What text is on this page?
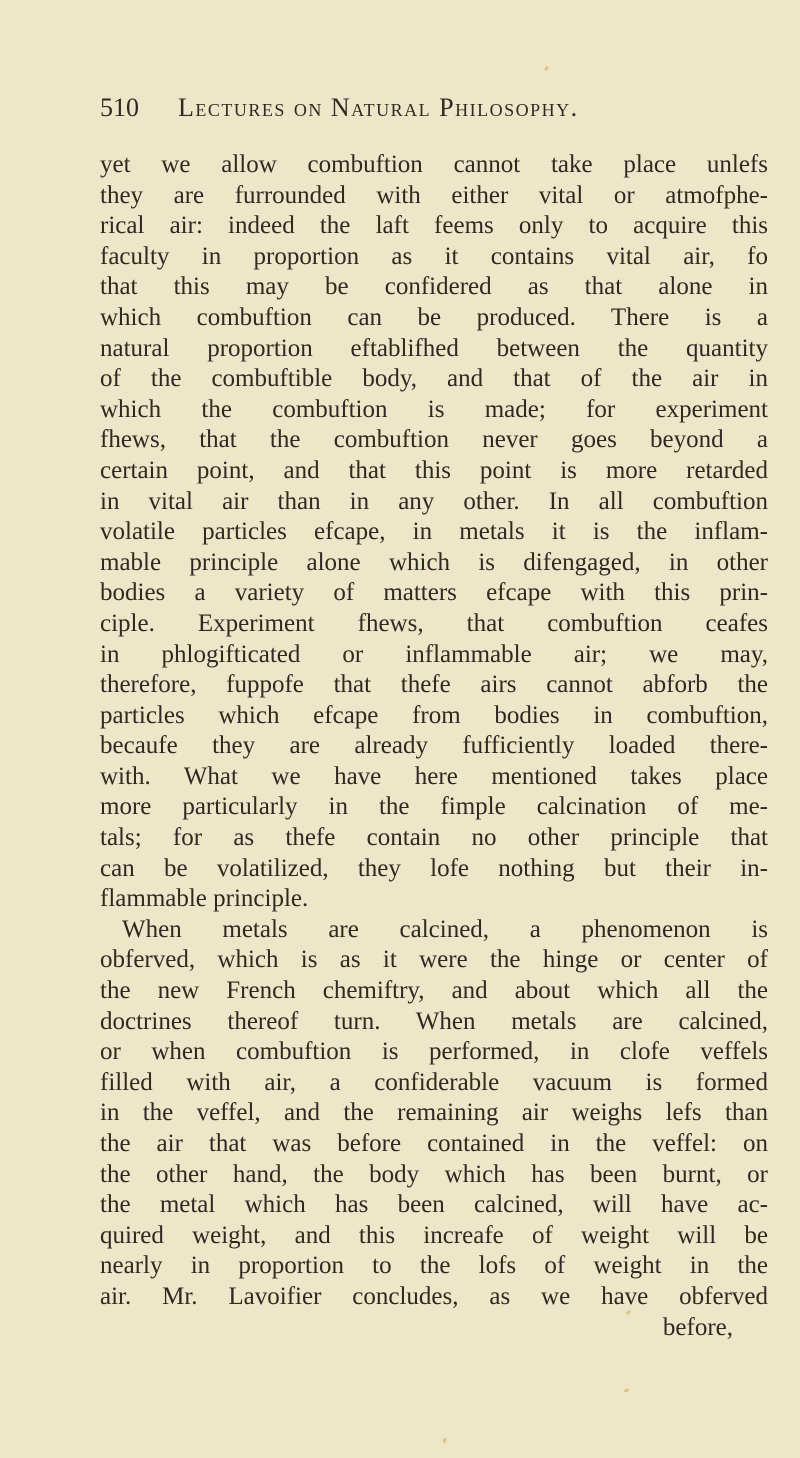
510 Lectures on Natural Philosophy.
yet we allow combuftion cannot take place unlefs
they are furrounded with either vital or atmofphe-
rical air: indeed the laft feems only to acquire this
faculty in proportion as it contains vital air, fo
that this may be confidered as that alone in
which combuftion can be produced. There is a
natural proportion eftablifhed between the quantity
of the combuftible body, and that of the air in
which the combuftion is made; for experiment
fhews, that the combuftion never goes beyond a
certain point, and that this point is more retarded
in vital air than in any other. In all combuftion
volatile particles efcape, in metals it is the inflam-
mable principle alone which is difengaged, in other
bodies a variety of matters efcape with this prin-
ciple. Experiment fhews, that combuftion ceafes
in phlogifticated or inflammable air; we may,
therefore, fuppofe that thefe airs cannot abforb the
particles which efcape from bodies in combuftion,
becaufe they are already fufficiently loaded there-
with. What we have here mentioned takes place
more particularly in the fimple calcination of me-
tals; for as thefe contain no other principle that
can be volatilized, they lofe nothing but their in-
flammable principle.
When metals are calcined, a phenomenon is
obferved, which is as it were the hinge or center of
the new French chemiftry, and about which all the
doctrines thereof turn. When metals are calcined,
or when combuftion is performed, in clofe veffels
filled with air, a confiderable vacuum is formed
in the veffel, and the remaining air weighs lefs than
the air that was before contained in the veffel: on
the other hand, the body which has been burnt, or
the metal which has been calcined, will have ac-
quired weight, and this increafe of weight will be
nearly in proportion to the lofs of weight in the
air. Mr. Lavoifier concludes, as we have obferved
before,
